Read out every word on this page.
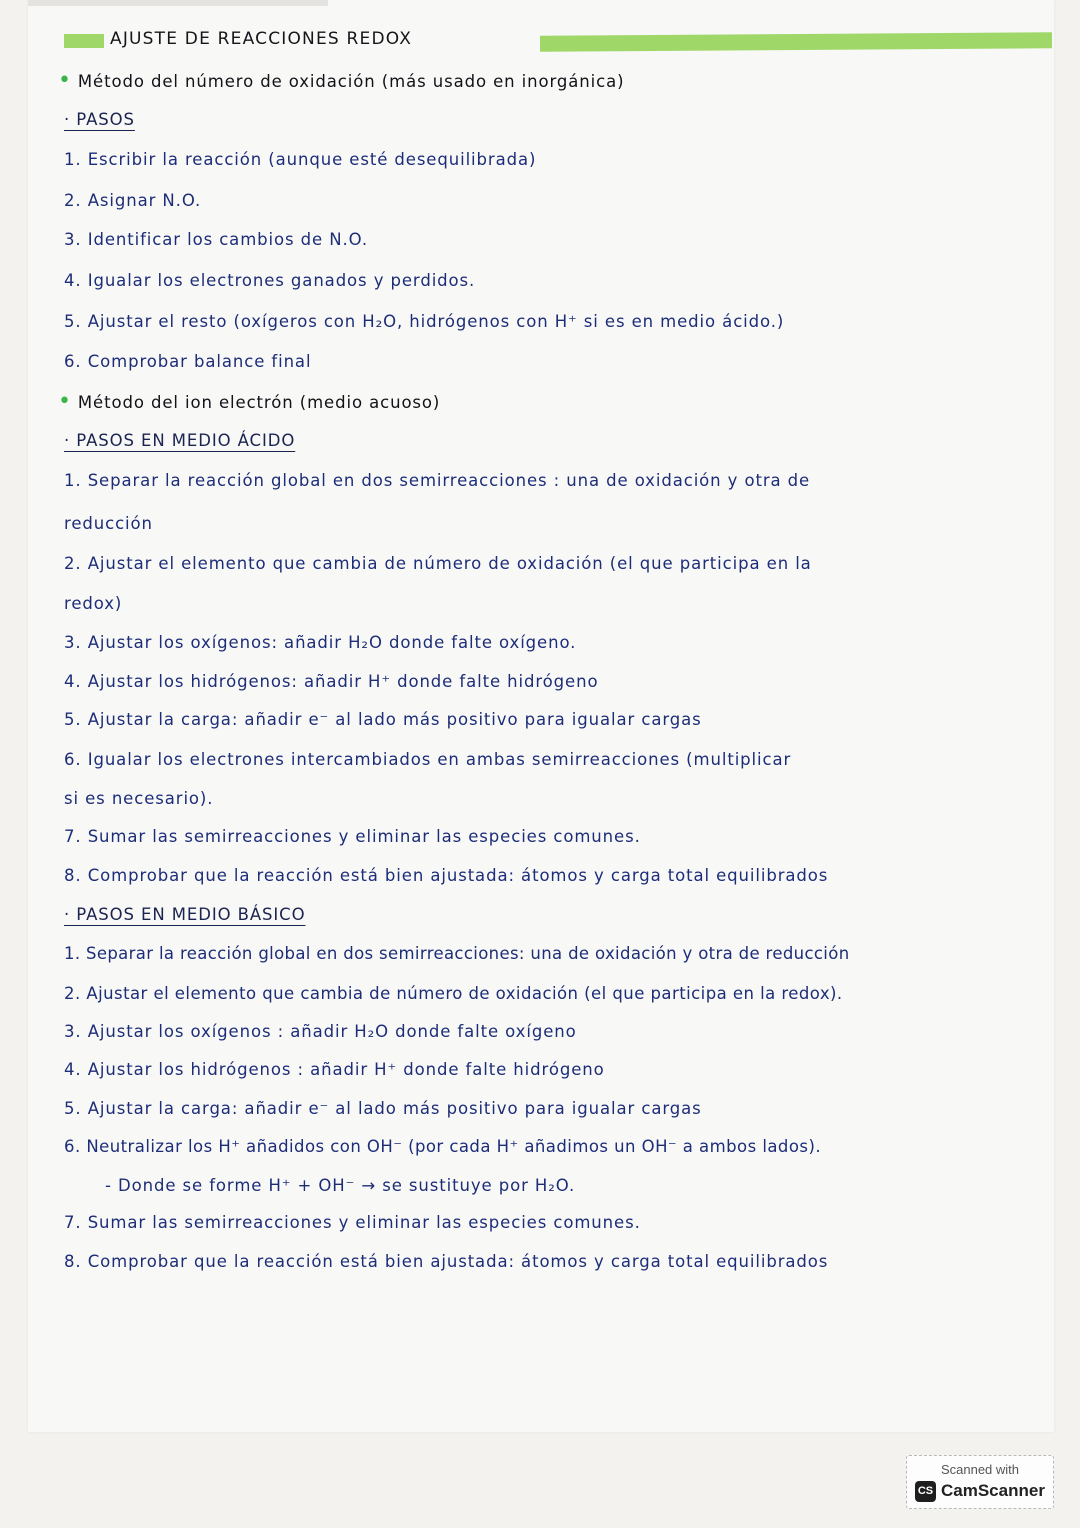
AJUSTE DE REACCIONES REDOX
• Método del número de oxidación (más usado en inorgánica)
· PASOS
1. Escribir la reacción (aunque esté desequilibrada)
2. Asignar N.O.
3. Identificar los cambios de N.O.
4. Igualar los electrones ganados y perdidos.
5. Ajustar el resto (oxígeros con H₂O, hidrógenos con H⁺ si es en medio ácido.)
6. Comprobar balance final
• Método del ion electrón (medio acuoso)
· PASOS EN MEDIO ÁCIDO
1. Separar la reacción global en dos semirreacciones : una de oxidación y otra de
reducción
2. Ajustar el elemento que cambia de número de oxidación (el que participa en la
redox)
3. Ajustar los oxígenos: añadir H₂O donde falte oxígeno.
4. Ajustar los hidrógenos: añadir H⁺ donde falte hidrógeno
5. Ajustar la carga: añadir e⁻ al lado más positivo para igualar cargas
6. Igualar los electrones intercambiados en ambas semirreacciones (multiplicar
si es necesario).
7. Sumar las semirreacciones y eliminar las especies comunes.
8. Comprobar que la reacción está bien ajustada: átomos y carga total equilibrados
· PASOS EN MEDIO BÁSICO
1. Separar la reacción global en dos semirreacciones: una de oxidación y otra de reducción
2. Ajustar el elemento que cambia de número de oxidación (el que participa en la redox).
3. Ajustar los oxígenos : añadir H₂O donde falte oxígeno
4. Ajustar los hidrógenos : añadir H⁺ donde falte hidrógeno
5. Ajustar la carga: añadir e⁻ al lado más positivo para igualar cargas
6. Neutralizar los H⁺ añadidos con OH⁻ (por cada H⁺ añadimos un OH⁻ a ambos lados).
- Donde se forme H⁺ + OH⁻ → se sustituye por H₂O.
7. Sumar las semirreacciones y eliminar las especies comunes.
8. Comprobar que la reacción está bien ajustada: átomos y carga total equilibrados
Scanned with
CS CamScanner
